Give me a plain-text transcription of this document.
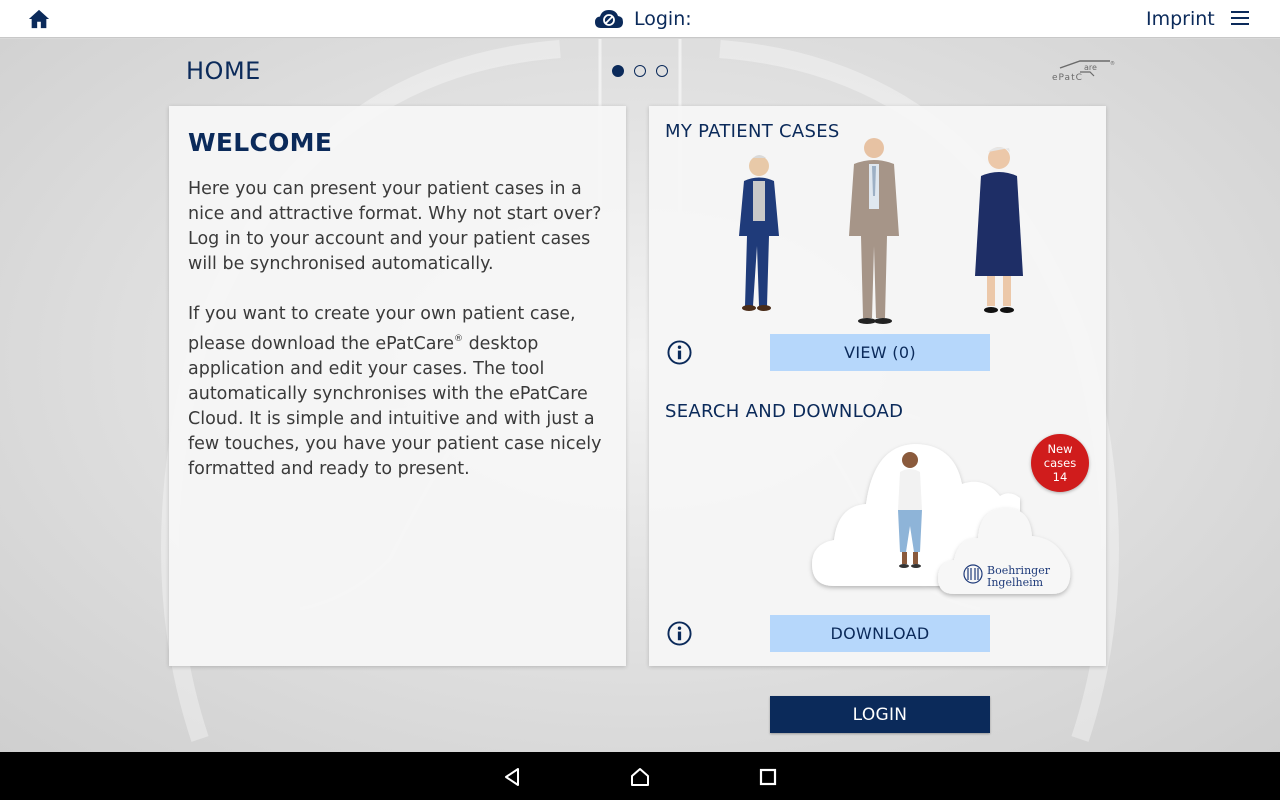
Login:	Imprint
HOME	ePatC
are	®
WELCOME

Here you can present your patient cases in a nice and attractive format. Why not start over? Log in to your account and your patient cases will be synchronised automatically.

If you want to create your own patient case, please download the ePatCare® desktop application and edit your cases. The tool automatically synchronises with the ePatCare Cloud. It is simple and intuitive and with just a few touches, you have your patient case nicely formatted and ready to present.

MY PATIENT CASES
VIEW (0)
SEARCH AND DOWNLOAD
Boehringer
Ingelheim
New
cases
14
DOWNLOAD
LOGIN
